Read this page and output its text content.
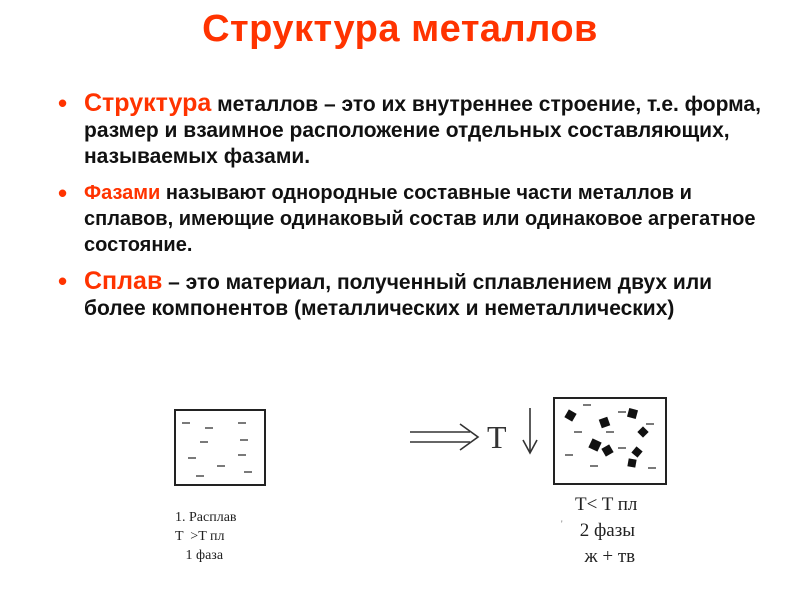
Структура металлов
• Структура металлов – это их внутреннее строение, т.е. форма, размер и взаимное расположение отдельных составляющих, называемых фазами.
• Фазами называют однородные составные части металлов и сплавов, имеющие одинаковый состав или одинаковое агрегатное состояние.
• Сплав – это материал, полученный сплавлением двух или более компонентов (металлических и неметаллических)
T
'
1. Расплав
T  >T пл
1 фаза
T< T пл
2 фазы
ж + тв
